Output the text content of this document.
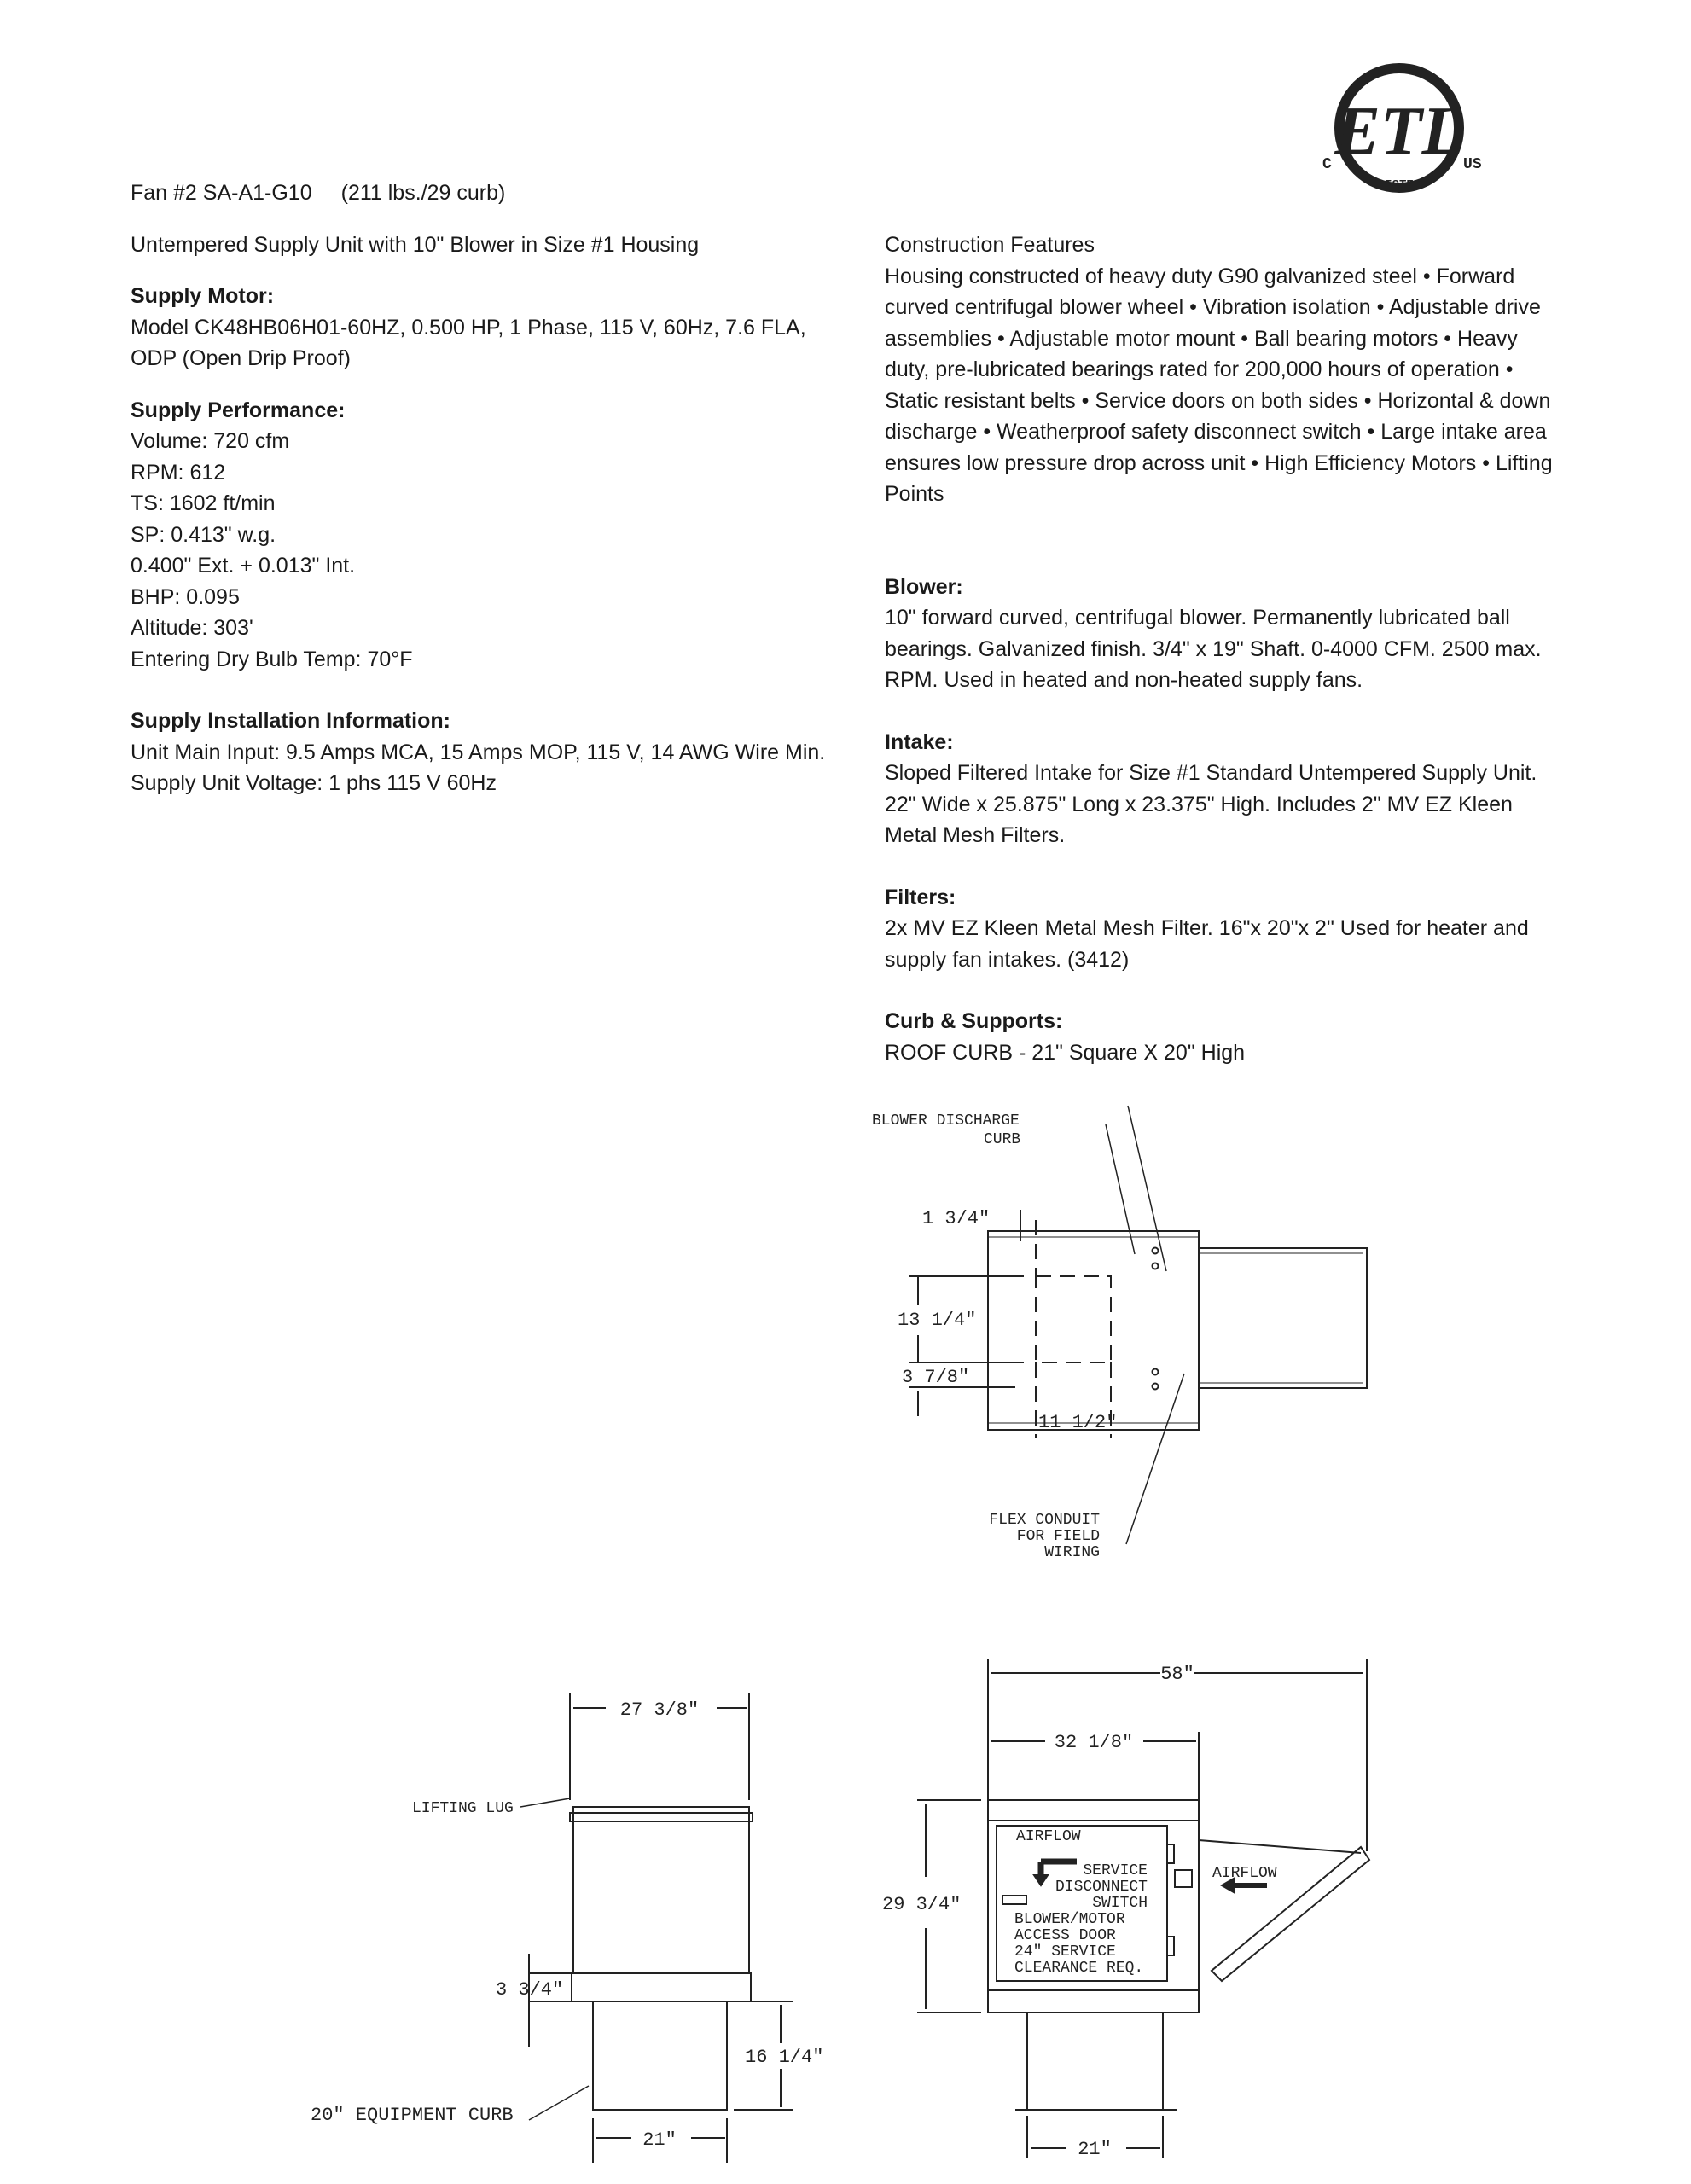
Fan #2 SA-A1-G10 (211 lbs./29 curb)

Untempered Supply Unit with 10" Blower in Size #1 Housing

Supply Motor:

Model CK48HB06H01-60HZ, 0.500 HP, 1 Phase, 115 V, 60Hz, 7.6 FLA, ODP (Open Drip Proof)

Supply Performance:

Volume: 720 cfm

RPM: 612

TS: 1602 ft/min

SP: 0.413" w.g.

0.400" Ext. + 0.013" Int.

BHP: 0.095

Altitude: 303'

Entering Dry Bulb Temp: 70°F

Supply Installation Information:

Unit Main Input: 9.5 Amps MCA, 15 Amps MOP, 115 V, 14 AWG Wire Min.

Supply Unit Voltage: 1 phs 115 V 60Hz

Construction Features

Housing constructed of heavy duty G90 galvanized steel • Forward curved centrifugal blower wheel • Vibration isolation • Adjustable drive assemblies • Adjustable motor mount • Ball bearing motors • Heavy duty, pre-lubricated bearings rated for 200,000 hours of operation • Static resistant belts • Service doors on both sides • Horizontal & down discharge • Weatherproof safety disconnect switch • Large intake area ensures low pressure drop across unit • High Efficiency Motors • Lifting Points

Blower:

10" forward curved, centrifugal blower. Permanently lubricated ball bearings. Galvanized finish. 3/4" x 19" Shaft. 0-4000 CFM. 2500 max. RPM. Used in heated and non-heated supply fans.

Intake:

Sloped Filtered Intake for Size #1 Standard Untempered Supply Unit. 22" Wide x 25.875" Long x 23.375" High. Includes 2" MV EZ Kleen Metal Mesh Filters.

Filters:

2x MV EZ Kleen Metal Mesh Filter. 16"x 20"x 2" Used for heater and supply fan intakes. (3412)

Curb & Supports:

ROOF CURB - 21" Square X 20" High

ETL
C	US
LISTED
BLOWER DISCHARGE
CURB
1 3/4"
13 1/4"
3 7/8"
11 1/2"
FLEX CONDUIT
FOR FIELD
WIRING
27 3/8"
LIFTING LUG
3 3/4"
16 1/4"
20" EQUIPMENT CURB
21"
58"
32 1/8"
29 3/4"
AIRFLOW
SERVICE
DISCONNECT
SWITCH
BLOWER/MOTOR
ACCESS DOOR
24" SERVICE
CLEARANCE REQ.
AIRFLOW
21"
